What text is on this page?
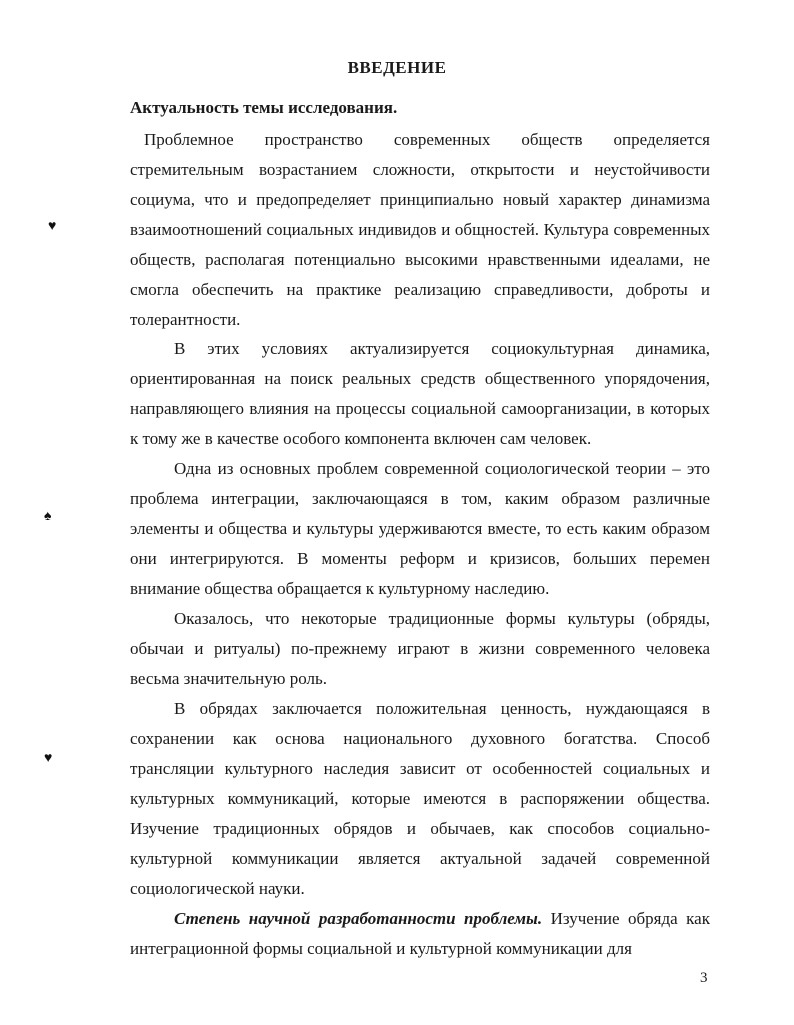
ВВЕДЕНИЕ
Актуальность темы исследования.

Проблемное пространство современных обществ определяется стремительным возрастанием сложности, открытости и неустойчивости социума, что и предопределяет принципиально новый характер динамизма взаимоотношений социальных индивидов и общностей. Культура современных обществ, располагая потенциально высокими нравственными идеалами, не смогла обеспечить на практике реализацию справедливости, доброты и толерантности.

В этих условиях актуализируется социокультурная динамика, ориентированная на поиск реальных средств общественного упорядочения, направляющего влияния на процессы социальной самоорганизации, в которых к тому же в качестве особого компонента включен сам человек.

Одна из основных проблем современной социологической теории – это проблема интеграции, заключающаяся в том, каким образом различные элементы и общества и культуры удерживаются вместе, то есть каким образом они интегрируются. В моменты реформ и кризисов, больших перемен внимание общества обращается к культурному наследию.

Оказалось, что некоторые традиционные формы культуры (обряды, обычаи и ритуалы) по-прежнему играют в жизни современного человека весьма значительную роль.

В обрядах заключается положительная ценность, нуждающаяся в сохранении как основа национального духовного богатства. Способ трансляции культурного наследия зависит от особенностей социальных и культурных коммуникаций, которые имеются в распоряжении общества. Изучение традиционных обрядов и обычаев, как способов социально-культурной коммуникации является актуальной задачей современной социологической науки.

Степень научной разработанности проблемы. Изучение обряда как интеграционной формы социальной и культурной коммуникации для

3
♥
♠
♥
